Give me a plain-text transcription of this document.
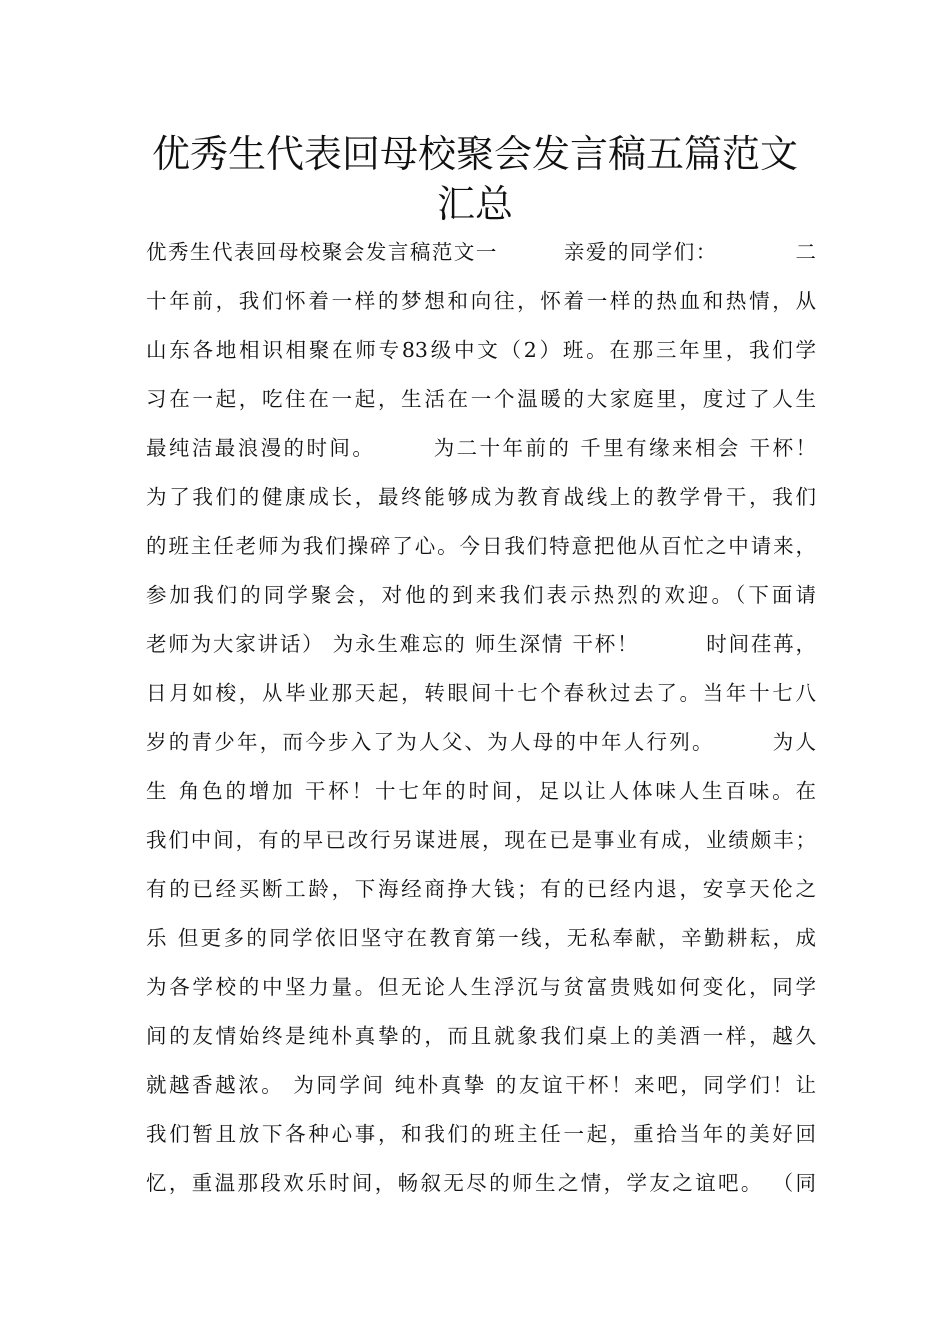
优秀生代表回母校聚会发言稿五篇范文
汇总
优秀生代表回母校聚会发言稿范文一　　　亲爱的同学们：　　　　二
十年前，我们怀着一样的梦想和向往，怀着一样的热血和热情，从
山东各地相识相聚在师专83级中文（2）班。在那三年里，我们学
习在一起，吃住在一起，生活在一个温暖的大家庭里，度过了人生
最纯洁最浪漫的时间。　　　为二十年前的 千里有缘来相会 干杯！
为了我们的健康成长，最终能够成为教育战线上的教学骨干，我们
的班主任老师为我们操碎了心。今日我们特意把他从百忙之中请来，
参加我们的同学聚会，对他的到来我们表示热烈的欢迎。（下面请
老师为大家讲话） 为永生难忘的 师生深情 干杯！　　　时间荏苒，
日月如梭，从毕业那天起，转眼间十七个春秋过去了。当年十七八
岁的青少年，而今步入了为人父、为人母的中年人行列。　　　为人
生 角色的增加 干杯！十七年的时间，足以让人体味人生百味。在
我们中间，有的早已改行另谋进展，现在已是事业有成，业绩颇丰；
有的已经买断工龄，下海经商挣大钱；有的已经内退，安享天伦之
乐 但更多的同学依旧坚守在教育第一线，无私奉献，辛勤耕耘，成
为各学校的中坚力量。但无论人生浮沉与贫富贵贱如何变化，同学
间的友情始终是纯朴真挚的，而且就象我们桌上的美酒一样，越久
就越香越浓。 为同学间 纯朴真挚 的友谊干杯！来吧，同学们！让
我们暂且放下各种心事，和我们的班主任一起，重拾当年的美好回
忆，重温那段欢乐时间，畅叙无尽的师生之情，学友之谊吧。 （同
